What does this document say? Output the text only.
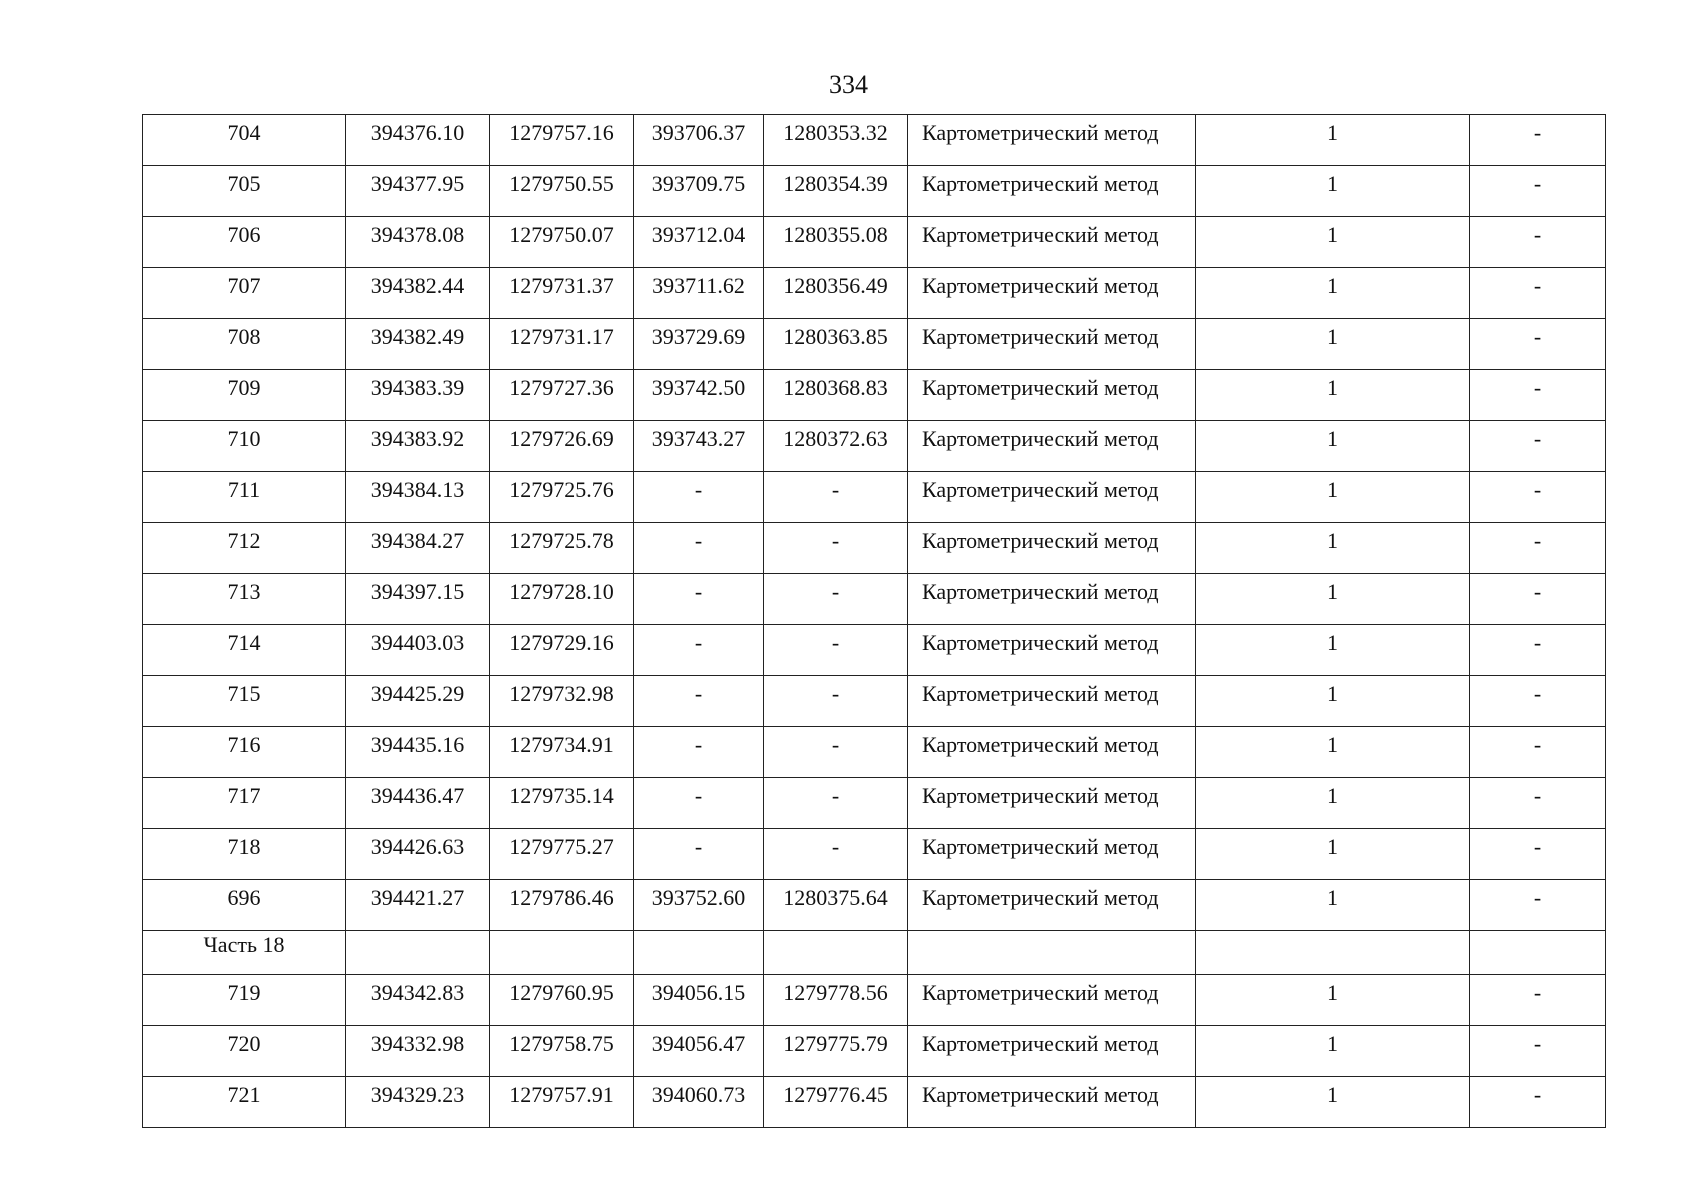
334
704	394376.10	1279757.16	393706.37	1280353.32	Картометрический метод	1	-

705	394377.95	1279750.55	393709.75	1280354.39	Картометрический метод	1	-

706	394378.08	1279750.07	393712.04	1280355.08	Картометрический метод	1	-

707	394382.44	1279731.37	393711.62	1280356.49	Картометрический метод	1	-

708	394382.49	1279731.17	393729.69	1280363.85	Картометрический метод	1	-

709	394383.39	1279727.36	393742.50	1280368.83	Картометрический метод	1	-

710	394383.92	1279726.69	393743.27	1280372.63	Картометрический метод	1	-

711	394384.13	1279725.76	-	-	Картометрический метод	1	-

712	394384.27	1279725.78	-	-	Картометрический метод	1	-

713	394397.15	1279728.10	-	-	Картометрический метод	1	-

714	394403.03	1279729.16	-	-	Картометрический метод	1	-

715	394425.29	1279732.98	-	-	Картометрический метод	1	-

716	394435.16	1279734.91	-	-	Картометрический метод	1	-

717	394436.47	1279735.14	-	-	Картометрический метод	1	-

718	394426.63	1279775.27	-	-	Картометрический метод	1	-

696	394421.27	1279786.46	393752.60	1280375.64	Картометрический метод	1	-

Часть 18							

719	394342.83	1279760.95	394056.15	1279778.56	Картометрический метод	1	-

720	394332.98	1279758.75	394056.47	1279775.79	Картометрический метод	1	-

721	394329.23	1279757.91	394060.73	1279776.45	Картометрический метод	1	-
